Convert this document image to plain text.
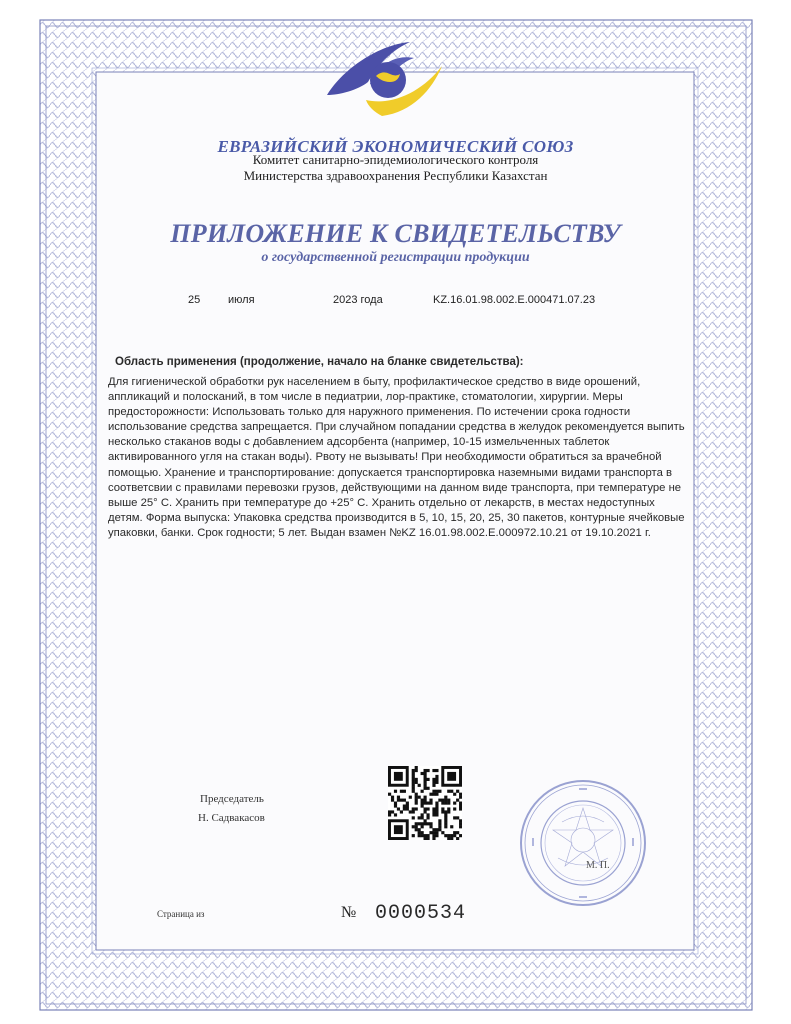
ЕВРАЗИЙСКИЙ ЭКОНОМИЧЕСКИЙ СОЮЗ
Комитет санитарно-эпидемиологического контроля
Министерства здравоохранения Республики Казахстан
ПРИЛОЖЕНИЕ К СВИДЕТЕЛЬСТВУ
о государственной регистрации продукции
25	июля	2023 года	KZ.16.01.98.002.E.000471.07.23
Область применения (продолжение, начало на бланке свидетельства):
Для гигиенической обработки рук населением в быту, профилактическое средство в виде орошений, аппликаций и полосканий, в том числе в педиатрии, лор-практике, стоматологии, хирургии. Меры предосторожности: Использовать только для наружного применения. По истечении срока годности использование средства запрещается. При случайном попадании средства в желудок рекомендуется выпить несколько стаканов воды с добавлением адсорбента (например, 10-15 измельченных таблеток активированного угля на стакан воды). Рвоту не вызывать! При необходимости обратиться за врачебной помощью. Хранение и транспортирование: допускается транспортировка наземными видами транспорта в соответсвии с правилами перевозки грузов, действующими на данном виде транспорта, при температуре не выше 25° С. Хранить при температуре до +25° С. Хранить отдельно от лекарств, в местах недоступных детям. Форма выпуска: Упаковка средства производится в 5, 10, 15, 20, 25, 30 пакетов, контурные ячейковые упаковки, банки. Срок годности; 5 лет. Выдан взамен №KZ 16.01.98.002.E.000972.10.21 от 19.10.2021 г.
Председатель
Н. Садвакасов
М. П.
Страница из	№ 0000534
